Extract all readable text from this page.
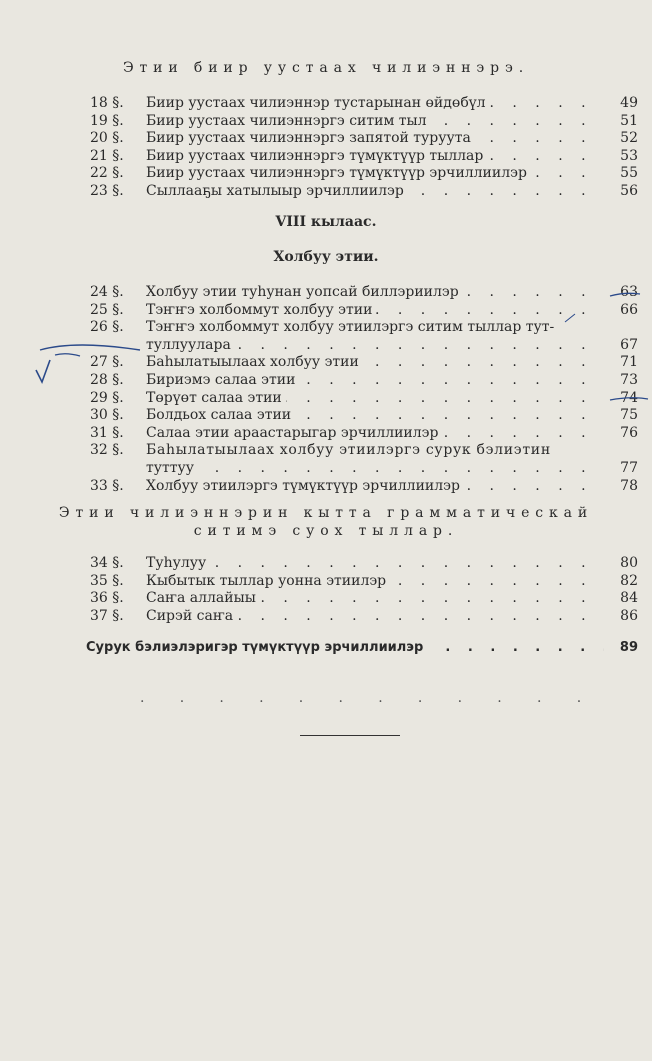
Этии биир уустаах чилиэннэрэ.
18 §.	Биир уустаах чилиэннэр тустарынан өйдөбүл . . .	49
19 §.	Биир уустаах чилиэннэргэ ситим тыл . . .	51
20 §.	Биир уустаах чилиэннэргэ запятой туруута . . .	52
21 §.	Биир уустаах чилиэннэргэ түмүктүүр тыллар . . .	53
22 §.	Биир уустаах чилиэннэргэ түмүктүүр эрчиллиилэр . . .	55
23 §.	Сыллааҕы хатылыыр эрчиллиилэр . . .	56
VIII кылаас.
Холбуу этии.
24 §.	Холбуу этии туһунан уопсай биллэриилэр . . .	63
25 §.	Тэҥҥэ холбоммут холбуу этии . . .	66
26 §.	Тэҥҥэ холбоммут холбуу этиилэргэ ситим тыллар тут-
туллуулара . . .	67
27 §.	Баһылатыылаах холбуу этии . . .	71
28 §.	Бириэмэ салаа этии . . .	73
29 §.	Төрүөт салаа этии . . .	74
30 §.	Болдьох салаа этии . . .	75
31 §.	Салаа этии араастарыгар эрчиллиилэр . . .	76
32 §.	Баһылатыылаах холбуу этиилэргэ сурук бэлиэтин
туттуу . . .	77
33 §.	Холбуу этиилэргэ түмүктүүр эрчиллиилэр . . .	78
Этии чилиэннэрин кытта грамматическай
ситимэ суох тыллар.
34 §.	Туһулуу . . .	80
35 §.	Кыбытык тыллар уонна этиилэр . . .	82
36 §.	Саҥа аллайыы . . .	84
37 §.	Сирэй саҥа . . .	86
Сурук бэлиэлэригэр түмүктүүр эрчиллиилэр . . .	89
. . . . . . . . . . . .
